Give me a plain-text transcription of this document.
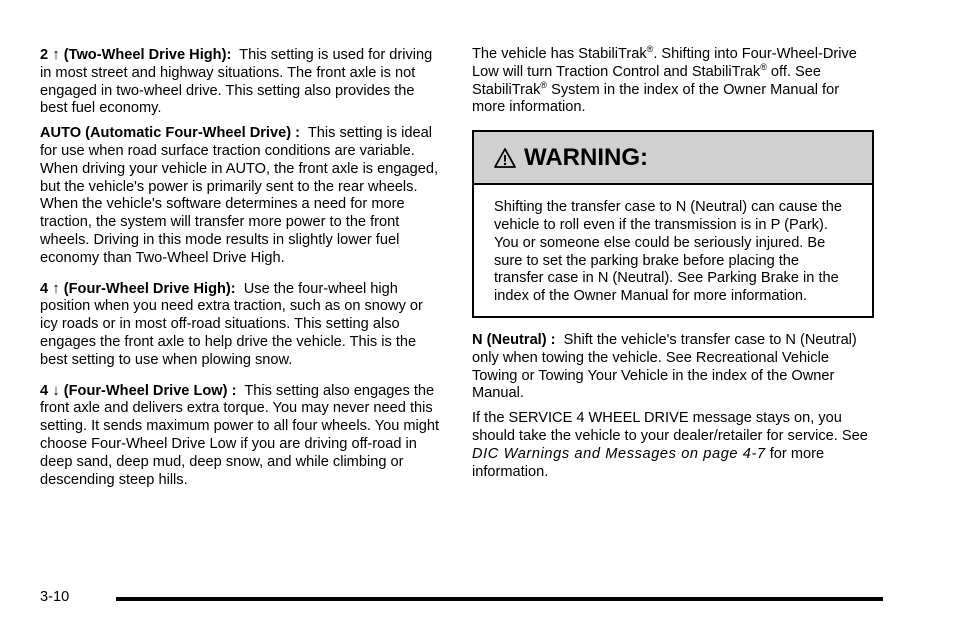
2 ↑ (Two-Wheel Drive High): This setting is used for driving in most street and highway situations. The front axle is not engaged in two-wheel drive. This setting also provides the best fuel economy.

AUTO (Automatic Four-Wheel Drive) : This setting is ideal for use when road surface traction conditions are variable. When driving your vehicle in AUTO, the front axle is engaged, but the vehicle's power is primarily sent to the rear wheels. When the vehicle's software determines a need for more traction, the system will transfer more power to the front wheels. Driving in this mode results in slightly lower fuel economy than Two-Wheel Drive High.

4 ↑ (Four-Wheel Drive High): Use the four-wheel high position when you need extra traction, such as on snowy or icy roads or in most off-road situations. This setting also engages the front axle to help drive the vehicle. This is the best setting to use when plowing snow.

4 ↓ (Four-Wheel Drive Low) : This setting also engages the front axle and delivers extra torque. You may never need this setting. It sends maximum power to all four wheels. You might choose Four-Wheel Drive Low if you are driving off-road in deep sand, deep mud, deep snow, and while climbing or descending steep hills.

The vehicle has StabiliTrak®. Shifting into Four-Wheel-Drive Low will turn Traction Control and StabiliTrak® off. See StabiliTrak® System in the index of the Owner Manual for more information.

WARNING:
Shifting the transfer case to N (Neutral) can cause the vehicle to roll even if the transmission is in P (Park). You or someone else could be seriously injured. Be sure to set the parking brake before placing the transfer case in N (Neutral). See Parking Brake in the index of the Owner Manual for more information.

N (Neutral) : Shift the vehicle's transfer case to N (Neutral) only when towing the vehicle. See Recreational Vehicle Towing or Towing Your Vehicle in the index of the Owner Manual.

If the SERVICE 4 WHEEL DRIVE message stays on, you should take the vehicle to your dealer/retailer for service. See DIC Warnings and Messages on page 4-7 for more information.

3-10
